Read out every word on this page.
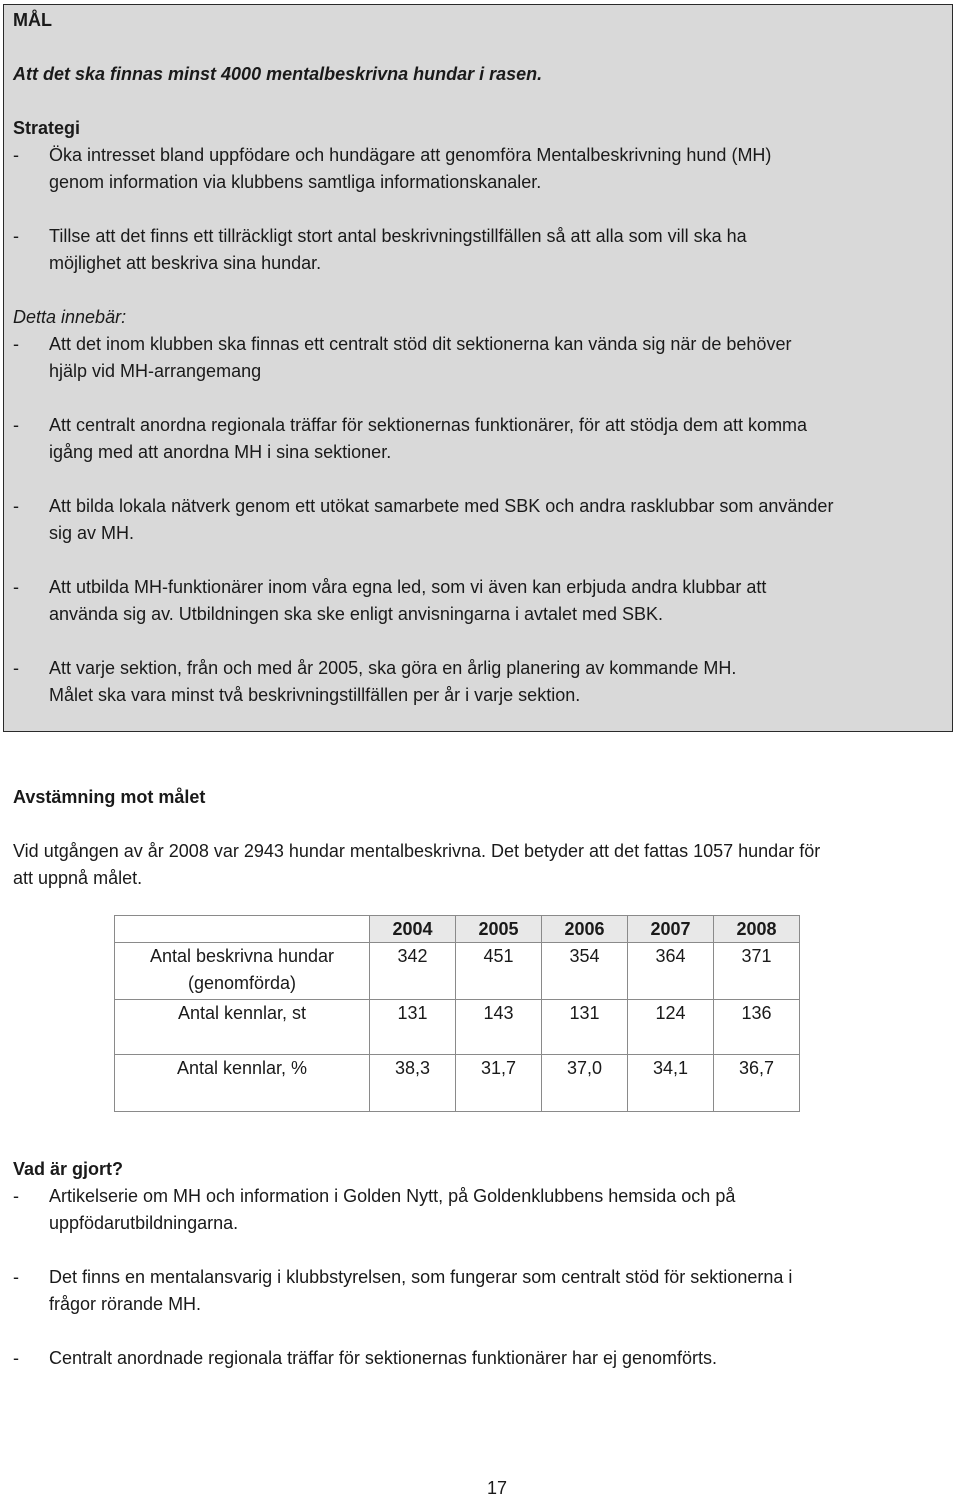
MÅL
Att det ska finnas minst 4000 mentalbeskrivna hundar i rasen.
Strategi
- Öka intresset bland uppfödare och hundägare att genomföra Mentalbeskrivning hund (MH)
genom information via klubbens samtliga informationskanaler.
- Tillse att det finns ett tillräckligt stort antal beskrivningstillfällen så att alla som vill ska ha
möjlighet att beskriva sina hundar.
Detta innebär:
- Att det inom klubben ska finnas ett centralt stöd dit sektionerna kan vända sig när de behöver
hjälp vid MH-arrangemang
- Att centralt anordna regionala träffar för sektionernas funktionärer, för att stödja dem att komma
igång med att anordna MH i sina sektioner.
- Att bilda lokala nätverk genom ett utökat samarbete med SBK och andra rasklubbar som använder
sig av MH.
- Att utbilda MH-funktionärer inom våra egna led, som vi även kan erbjuda andra klubbar att
använda sig av. Utbildningen ska ske enligt anvisningarna i avtalet med SBK.
- Att varje sektion, från och med år 2005, ska göra en årlig planering av kommande MH.
Målet ska vara minst två beskrivningstillfällen per år i varje sektion.
Avstämning mot målet
Vid utgången av år 2008 var 2943 hundar mentalbeskrivna. Det betyder att det fattas 1057 hundar för
att uppnå målet.
	2004	2005	2006	2007	2008
Antal beskrivna hundar
(genomförda)	342	451	354	364	371
Antal kennlar, st	131	143	131	124	136
Antal kennlar, %	38,3	31,7	37,0	34,1	36,7
Vad är gjort?
- Artikelserie om MH och information i Golden Nytt, på Goldenklubbens hemsida och på
uppfödarutbildningarna.
- Det finns en mentalansvarig i klubbstyrelsen, som fungerar som centralt stöd för sektionerna i
frågor rörande MH.
- Centralt anordnade regionala träffar för sektionernas funktionärer har ej genomförts.
17
